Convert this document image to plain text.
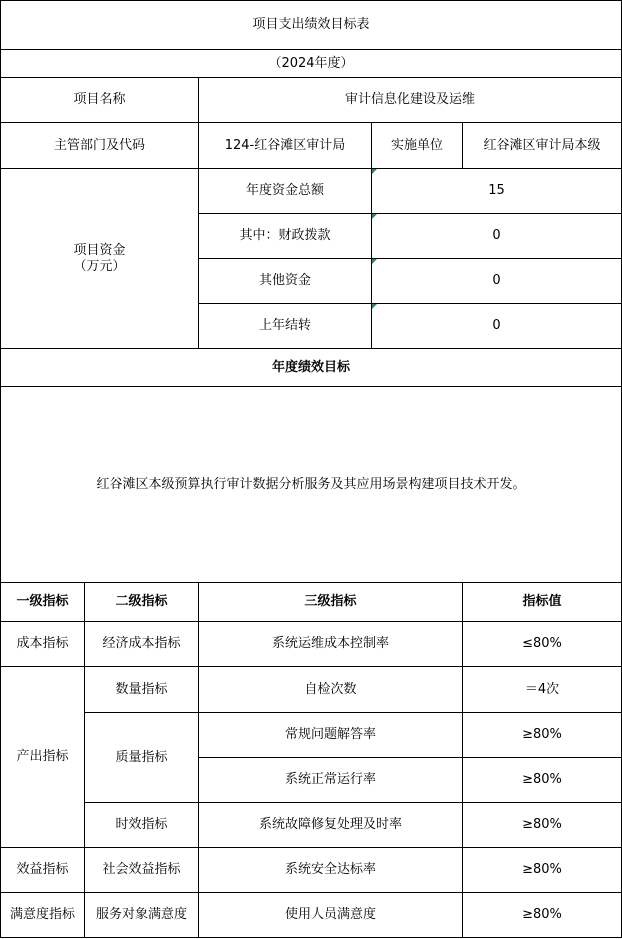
项目支出绩效目标表				
（2024年度）				
项目名称		审计信息化建设及运维		
主管部门及代码		124-红谷滩区审计局	实施单位	红谷滩区审计局本级

项目资金
（万元）		年度资金总额	15	
		其中：财政拨款	0	
		其他资金	0	
		上年结转	0	
年度绩效目标				
红谷滩区本级预算执行审计数据分析服务及其应用场景构建项目技术开发。				
一级指标	二级指标	三级指标		指标值
成本指标	经济成本指标	系统运维成本控制率		≤80%
产出指标	数量指标	自检次数		＝4次
	质量指标	常规问题解答率		≥80%
		系统正常运行率		≥80%
	时效指标	系统故障修复处理及时率		≥80%
效益指标	社会效益指标	系统安全达标率		≥80%
满意度指标	服务对象满意度	使用人员满意度		≥80%
